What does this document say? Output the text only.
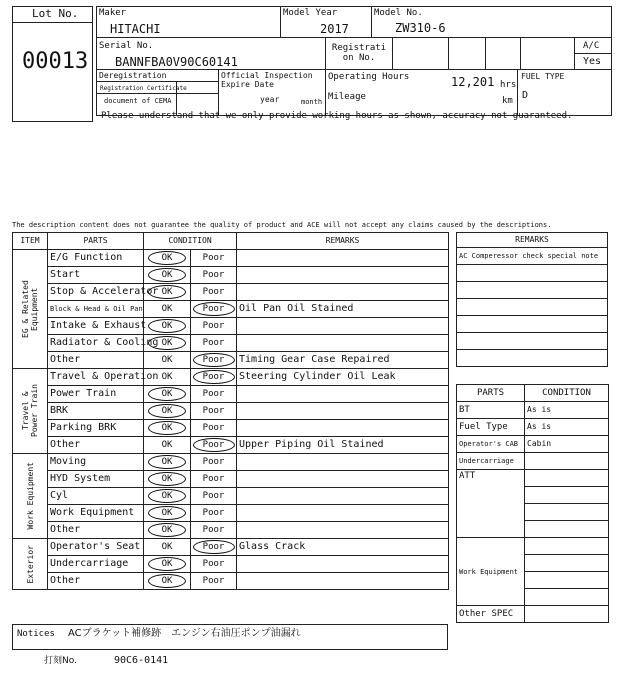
Lot No.
00013
Maker
HITACHI
Model Year
2017
Model No.
ZW310-6
Serial No.
BANNFBA0V90C60141
Registrati on No.
A/C
Yes
Deregistration
Registration Certificate
document of CEMA
Official Inspection Expire Date
year	month
Operating Hours	12,201 hrs
Mileage	km
FUEL TYPE
D
Please understand that we only provide working hours as shown, accuracy not guaranteed.
The description content does not guarantee the quality of product and ACE will not accept any claims caused by the descriptions.
ITEM	PARTS	CONDITION		REMARKS

EG & Related Equipment	E/G Function	OK	Poor	
	Start	OK	Poor	
	Stop & Accelerator	OK	Poor	
	Block & Head & Oil Pan	OK	Poor	Oil Pan Oil Stained
	Intake & Exhaust	OK	Poor	
	Radiator & Cooling	OK	Poor	
	Other	OK	Poor	Timing Gear Case Repaired

Travel & Power Train	Travel & Operation	OK	Poor	Steering Cylinder Oil Leak
	Power Train	OK	Poor	
	BRK	OK	Poor	
	Parking BRK	OK	Poor	
	Other	OK	Poor	Upper Piping Oil Stained

Work Equipment	Moving	OK	Poor	
	HYD System	OK	Poor	
	Cyl	OK	Poor	
	Work Equipment	OK	Poor	
	Other	OK	Poor	

Exterior	Operator's Seat	OK	Poor	Glass Crack
	Undercarriage	OK	Poor	
	Other	OK	Poor	
REMARKS
AC Comperessor check special note

PARTS	CONDITION
BT	As is
Fuel Type	As is
Operator's CAB	Cabin
Undercarriage	
ATT	

Work Equipment	

Other SPEC	
Notices ACブラケット補修跡　エンジン右油圧ポンプ油漏れ
打刻No.	90C6-0141
